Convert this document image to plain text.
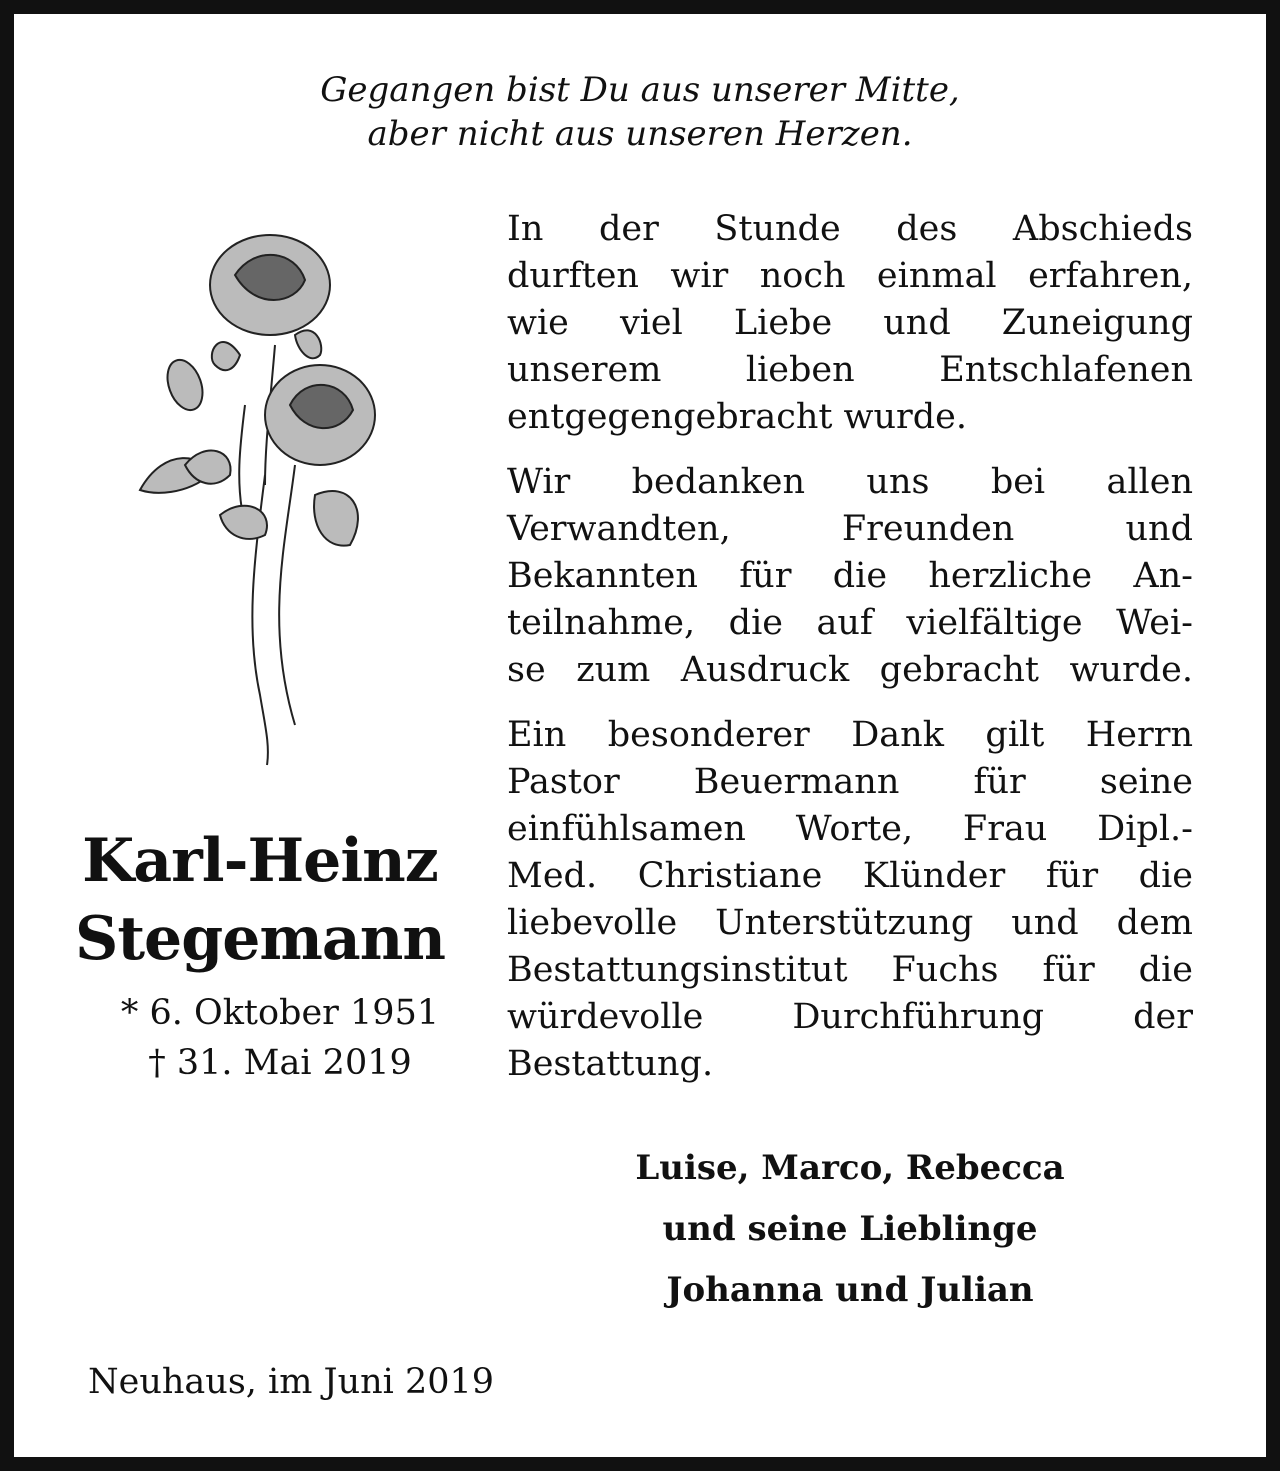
Gegangen bist Du aus unserer Mitte,
aber nicht aus unseren Herzen.
In der Stunde des Abschieds
durften wir noch einmal erfahren,
wie viel Liebe und Zuneigung
unserem lieben Entschlafenen
entgegengebracht wurde.
Wir bedanken uns bei allen
Verwandten, Freunden und
Bekannten für die herzliche An-
teilnahme, die auf vielfältige Wei-
se zum Ausdruck gebracht wurde.
Ein besonderer Dank gilt Herrn
Pastor Beuermann für seine
einfühlsamen Worte, Frau Dipl.-
Med. Christiane Klünder für die
liebevolle Unterstützung und dem
Bestattungsinstitut Fuchs für die
würdevolle Durchführung der
Bestattung.
Karl-Heinz
Stegemann
* 6. Oktober 1951
† 31. Mai 2019
Luise, Marco, Rebecca
und seine Lieblinge
Johanna und Julian
Neuhaus, im Juni 2019
